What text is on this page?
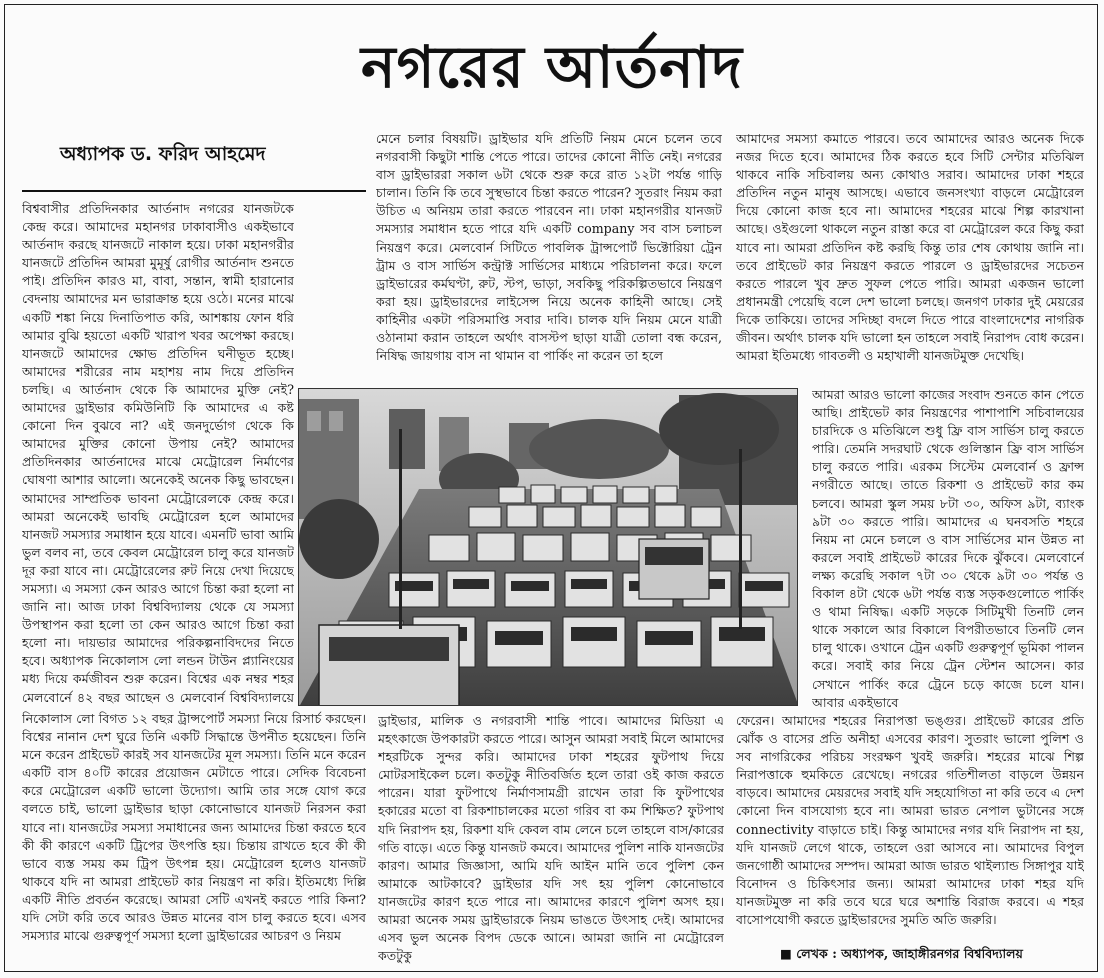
নগরের আর্তনাদ
অধ্যাপক ড. ফরিদ আহমেদ

বিশ্ববাসীর প্রতিদিনকার আর্তনাদ নগরের যানজটকে কেন্দ্র করে। আমাদের মহানগর ঢাকাবাসীও একইভাবে আর্তনাদ করছে যানজটে নাকাল হয়ে। ঢাকা মহানগরীর যানজটে প্রতিদিন আমরা মুমূর্ষু রোগীর আর্তনাদ শুনতে পাই। প্রতিদিন কারও মা, বাবা, সন্তান, স্বামী হারানোর বেদনায় আমাদের মন ভারাক্রান্ত হয়ে ওঠে। মনের মাঝে একটি শঙ্কা নিয়ে দিনাতিপাত করি, আশঙ্কায় ফোন ধরি আমার বুঝি হয়তো একটি খারাপ খবর অপেক্ষা করছে। যানজটে আমাদের ক্ষোভ প্রতিদিন ঘনীভূত হচ্ছে। আমাদের শরীরের নাম মহাশয় নাম দিয়ে প্রতিদিন চলছি। এ আর্তনাদ থেকে কি আমাদের মুক্তি নেই? আমাদের ড্রাইভার কমিউনিটি কি আমাদের এ কষ্ট কোনো দিন বুঝবে না? এই জনদুর্ভোগ থেকে কি আমাদের মুক্তির কোনো উপায় নেই? আমাদের প্রতিদিনকার আর্তনাদের মাঝে মেট্রোরেল নির্মাণের ঘোষণা আশার আলো। অনেকেই অনেক কিছু ভাবছেন। আমাদের সাম্প্রতিক ভাবনা মেট্রোরেলকে কেন্দ্র করে। আমরা অনেকেই ভাবছি মেট্রোরেল হলে আমাদের যানজট সমস্যার সমাধান হয়ে যাবে। এমনটি ভাবা আমি ভুল বলব না, তবে কেবল মেট্রোরেল চালু করে যানজট দূর করা যাবে না। মেট্রোরেলের রুট নিয়ে দেখা দিয়েছে সমস্যা। এ সমস্যা কেন আরও আগে চিন্তা করা হলো না জানি না। আজ ঢাকা বিশ্ববিদ্যালয় থেকে যে সমস্যা উপস্থাপন করা হলো তা কেন আরও আগে চিন্তা করা হলো না। দায়ভার আমাদের পরিকল্পনাবিদদের নিতে হবে। অধ্যাপক নিকোলাস লো লন্ডন টাউন প্ল্যানিংয়ের মধ্য দিয়ে কর্মজীবন শুরু করেন। বিশ্বের এক নম্বর শহর মেলবোর্নে ৪২ বছর আছেন ও মেলবোর্ন বিশ্ববিদ্যালয়ে

নিকোলাস লো বিগত ১২ বছর ট্রান্সপোর্ট সমস্যা নিয়ে রিসার্চ করছেন। বিশ্বের নানান দেশ ঘুরে তিনি একটি সিদ্ধান্তে উপনীত হয়েছেন। তিনি মনে করেন প্রাইভেট কারই সব যানজটের মূল সমস্যা। তিনি মনে করেন একটি বাস ৪০টি কারের প্রয়োজন মেটাতে পারে। সেদিক বিবেচনা করে মেট্রোরেল একটি ভালো উদ্যোগ। আমি তার সঙ্গে যোগ করে বলতে চাই, ভালো ড্রাইভার ছাড়া কোনোভাবে যানজট নিরসন করা যাবে না। যানজটের সমস্যা সমাধানের জন্য আমাদের চিন্তা করতে হবে কী কী কারণে একটি ট্রিপের উৎপত্তি হয়। চিন্তায় রাখতে হবে কী কী ভাবে ব্যস্ত সময় কম ট্রিপ উৎপন্ন হয়। মেট্রোরেল হলেও যানজট থাকবে যদি না আমরা প্রাইভেট কার নিয়ন্ত্রণ না করি। ইতিমধ্যে দিল্লি একটি নীতি প্রবর্তন করেছে। আমরা সেটি এখনই করতে পারি কিনা? যদি সেটা করি তবে আরও উন্নত মানের বাস চালু করতে হবে। এসব সমস্যার মাঝে গুরুত্বপূর্ণ সমস্যা হলো ড্রাইভারের আচরণ ও নিয়ম

মেনে চলার বিষয়টি। ড্রাইভার যদি প্রতিটি নিয়ম মেনে চলেন তবে নগরবাসী কিছুটা শান্তি পেতে পারে। তাদের কোনো নীতি নেই। নগরের বাস ড্রাইভাররা সকাল ৬টা থেকে শুরু করে রাত ১২টা পর্যন্ত গাড়ি চালান। তিনি কি তবে সুস্থভাবে চিন্তা করতে পারেন? সুতরাং নিয়ম করা উচিত এ অনিয়ম তারা করতে পারবেন না। ঢাকা মহানগরীর যানজট সমস্যার সমাধান হতে পারে যদি একটি company সব বাস চলাচল নিয়ন্ত্রণ করে। মেলবোর্ন সিটিতে পাবলিক ট্রান্সপোর্ট ভিক্টোরিয়া ট্রেন ট্রাম ও বাস সার্ভিস কন্ট্রাক্ট সার্ভিসের মাধ্যমে পরিচালনা করে। ফলে ড্রাইভারের কর্মঘণ্টা, রুট, স্টপ, ভাড়া, সবকিছু পরিকল্পিতভাবে নিয়ন্ত্রণ করা হয়। ড্রাইভারদের লাইসেন্স নিয়ে অনেক কাহিনী আছে। সেই কাহিনীর একটা পরিসমাপ্তি সবার দাবি। চালক যদি নিয়ম মেনে যাত্রী ওঠানামা করান তাহলে অর্থাৎ বাসস্টপ ছাড়া যাত্রী তোলা বন্ধ করেন, নিষিদ্ধ জায়গায় বাস না থামান বা পার্কিং না করেন তা হলে

ড্রাইভার, মালিক ও নগরবাসী শান্তি পাবে। আমাদের মিডিয়া এ মহৎকাজে উপকারটা করতে পারে। আসুন আমরা সবাই মিলে আমাদের শহরটিকে সুন্দর করি। আমাদের ঢাকা শহরের ফুটপাথ দিয়ে মোটরসাইকেল চলে। কতটুকু নীতিবর্জিত হলে তারা ওই কাজ করতে পারেন। যারা ফুটপাথে নির্মাণসামগ্রী রাখেন তারা কি ফুটপাথের হকারের মতো বা রিকশাচালকের মতো গরিব বা কম শিক্ষিত? ফুটপাথ যদি নিরাপদ হয়, রিকশা যদি কেবল বাম লেনে চলে তাহলে বাস/কারের গতি বাড়ে। এতে কিন্তু যানজট কমবে। আমাদের পুলিশ নাকি যানজটের কারণ। আমার জিজ্ঞাসা, আমি যদি আইন মানি তবে পুলিশ কেন আমাকে আটকাবে? ড্রাইভার যদি সৎ হয় পুলিশ কোনোভাবে যানজটের কারণ হতে পারে না। আমাদের কারণে পুলিশ অসৎ হয়। আমরা অনেক সময় ড্রাইভারকে নিয়ম ভাঙতে উৎসাহ দেই। আমাদের এসব ভুল অনেক বিপদ ডেকে আনে। আমরা জানি না মেট্রোরেল কতটুকু

আমাদের সমস্যা কমাতে পারবে। তবে আমাদের আরও অনেক দিকে নজর দিতে হবে। আমাদের ঠিক করতে হবে সিটি সেন্টার মতিঝিল থাকবে নাকি সচিবালয় অন্য কোথাও সরাব। আমাদের ঢাকা শহরে প্রতিদিন নতুন মানুষ আসছে। এভাবে জনসংখ্যা বাড়লে মেট্রোরেল দিয়ে কোনো কাজ হবে না। আমাদের শহরের মাঝে শিল্প কারখানা আছে। ওইগুলো থাকলে নতুন রাস্তা করে বা মেট্রোরেল করে কিছু করা যাবে না। আমরা প্রতিদিন কষ্ট করছি কিন্তু তার শেষ কোথায় জানি না। তবে প্রাইভেট কার নিয়ন্ত্রণ করতে পারলে ও ড্রাইভারদের সচেতন করতে পারলে খুব দ্রুত সুফল পেতে পারি। আমরা একজন ভালো প্রধানমন্ত্রী পেয়েছি বলে দেশ ভালো চলছে। জনগণ ঢাকার দুই মেয়রের দিকে তাকিয়ে। তাদের সদিচ্ছা বদলে দিতে পারে বাংলাদেশের নাগরিক জীবন। অর্থাৎ চালক যদি ভালো হন তাহলে সবাই নিরাপদ বোধ করেন। আমরা ইতিমধ্যে গাবতলী ও মহাখালী যানজটমুক্ত দেখেছি।

আমরা আরও ভালো কাজের সংবাদ শুনতে কান পেতে আছি। প্রাইভেট কার নিয়ন্ত্রণের পাশাপাশি সচিবালয়ের চারদিকে ও মতিঝিলে শুধু ফ্রি বাস সার্ভিস চালু করতে পারি। তেমনি সদরঘাট থেকে গুলিস্তান ফ্রি বাস সার্ভিস চালু করতে পারি। এরকম সিস্টেম মেলবোর্ন ও ফ্রান্স নগরীতে আছে। তাতে রিকশা ও প্রাইভেট কার কম চলবে। আমরা স্কুল সময় ৮টা ৩০, অফিস ৯টা, ব্যাংক ৯টা ৩০ করতে পারি। আমাদের এ ঘনবসতি শহরে নিয়ম না মেনে চললে ও বাস সার্ভিসের মান উন্নত না করলে সবাই প্রাইভেট কারের দিকে ঝুঁকবে। মেলবোর্নে লক্ষ্য করেছি সকাল ৭টা ৩০ থেকে ৯টা ৩০ পর্যন্ত ও বিকাল ৪টা থেকে ৬টা পর্যন্ত ব্যস্ত সড়কগুলোতে পার্কিং ও থামা নিষিদ্ধ। একটি সড়কে সিটিমুখী তিনটি লেন থাকে সকালে আর বিকালে বিপরীতভাবে তিনটি লেন চালু থাকে। ওখানে ট্রেন একটি গুরুত্বপূর্ণ ভূমিকা পালন করে। সবাই কার নিয়ে ট্রেন স্টেশন আসেন। কার সেখানে পার্কিং করে ট্রেনে চড়ে কাজে চলে যান। আবার একইভাবে

ফেরেন। আমাদের শহরের নিরাপত্তা ভঙ্গুর। প্রাইভেট কারের প্রতি ঝোঁক ও বাসের প্রতি অনীহা এসবের কারণ। সুতরাং ভালো পুলিশ ও সব নাগরিকের পরিচয় সংরক্ষণ খুবই জরুরি। শহরের মাঝে শিল্প নিরাপত্তাকে হুমকিতে রেখেছে। নগরের গতিশীলতা বাড়লে উন্নয়ন বাড়বে। আমাদের মেয়রদের সবাই যদি সহযোগিতা না করি তবে এ দেশ কোনো দিন বাসযোগ্য হবে না। আমরা ভারত নেপাল ভুটানের সঙ্গে connectivity বাড়াতে চাই। কিন্তু আমাদের নগর যদি নিরাপদ না হয়, যদি যানজট লেগে থাকে, তাহলে ওরা আসবে না। আমাদের বিপুল জনগোষ্ঠী আমাদের সম্পদ। আমরা আজ ভারত থাইল্যান্ড সিঙ্গাপুর যাই বিনোদন ও চিকিৎসার জন্য। আমরা আমাদের ঢাকা শহর যদি যানজটমুক্ত না করি তবে ঘরে ঘরে অশান্তি বিরাজ করবে। এ শহর বাসোপযোগী করতে ড্রাইভারদের সুমতি অতি জরুরি।

■ লেখক : অধ্যাপক, জাহাঙ্গীরনগর বিশ্ববিদ্যালয়
